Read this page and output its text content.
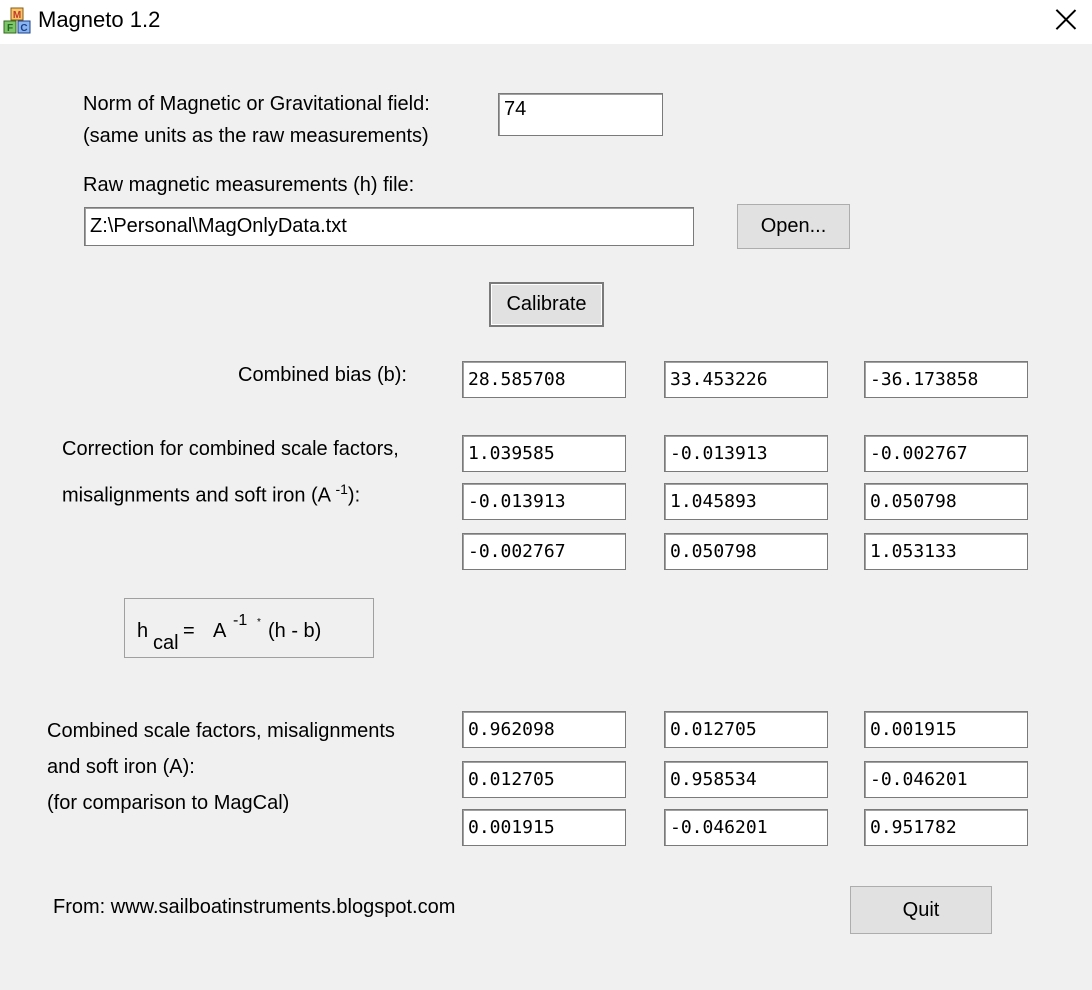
M
F C Magneto 1.2
Norm of Magnetic or Gravitational field:
(same units as the raw measurements)
74
Raw magnetic measurements (h) file:
Z:\Personal\MagOnlyData.txt
Open...
Calibrate
Combined bias (b):
28.585708
33.453226
-36.173858
Correction for combined scale factors,
misalignments and soft iron (A $^{-1}$):
1.039585
-0.013913
-0.002767
-0.013913
1.045893
0.050798
-0.002767
0.050798
1.053133
h
cal
= A -1 * (h - b)
Combined scale factors, misalignments
and soft iron (A):
(for comparison to MagCal)
0.962098
0.012705
0.001915
0.012705
0.958534
-0.046201
0.001915
-0.046201
0.951782
From: www.sailboatinstruments.blogspot.com	Quit
